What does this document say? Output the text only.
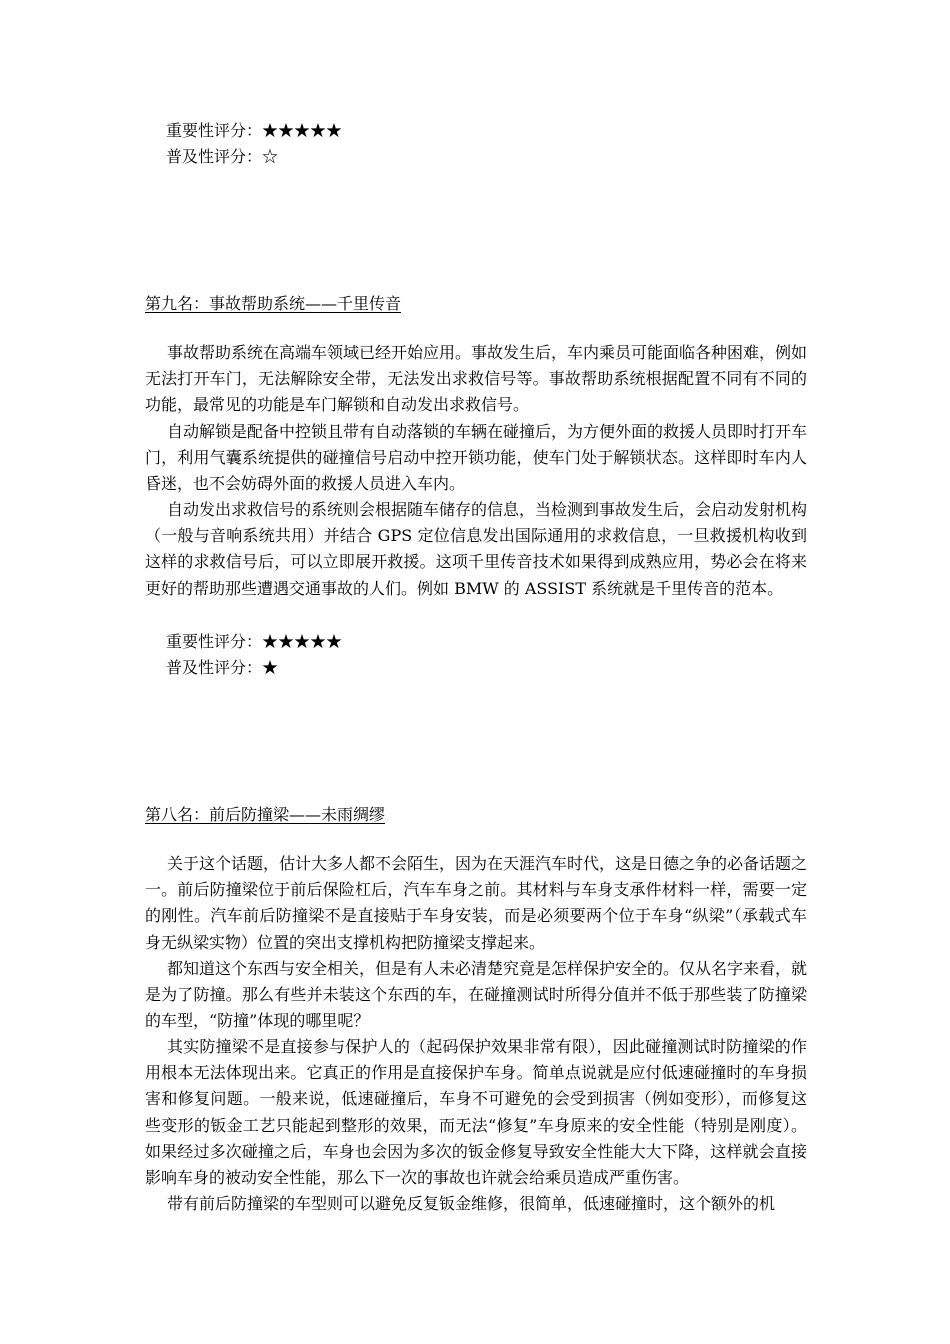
重要性评分：★★★★★
普及性评分：☆
第九名：事故帮助系统——千里传音

事故帮助系统在高端车领域已经开始应用。事故发生后，车内乘员可能面临各种困难，例如无法打开车门，无法解除安全带，无法发出求救信号等。事故帮助系统根据配置不同有不同的功能，最常见的功能是车门解锁和自动发出求救信号。

自动解锁是配备中控锁且带有自动落锁的车辆在碰撞后，为方便外面的救援人员即时打开车门，利用气囊系统提供的碰撞信号启动中控开锁功能，使车门处于解锁状态。这样即时车内人昏迷，也不会妨碍外面的救援人员进入车内。

自动发出求救信号的系统则会根据随车储存的信息，当检测到事故发生后，会启动发射机构（一般与音响系统共用）并结合 GPS 定位信息发出国际通用的求救信息，一旦救援机构收到这样的求救信号后，可以立即展开救援。这项千里传音技术如果得到成熟应用，势必会在将来更好的帮助那些遭遇交通事故的人们。例如 BMW 的 ASSIST 系统就是千里传音的范本。

重要性评分：★★★★★
普及性评分：★
第八名：前后防撞梁——未雨绸缪

关于这个话题，估计大多人都不会陌生，因为在天涯汽车时代，这是日德之争的必备话题之一。前后防撞梁位于前后保险杠后，汽车车身之前。其材料与车身支承件材料一样，需要一定的刚性。汽车前后防撞梁不是直接贴于车身安装，而是必须要两个位于车身“纵梁”（承载式车身无纵梁实物）位置的突出支撑机构把防撞梁支撑起来。

都知道这个东西与安全相关，但是有人未必清楚究竟是怎样保护安全的。仅从名字来看，就是为了防撞。那么有些并未装这个东西的车，在碰撞测试时所得分值并不低于那些装了防撞梁的车型，“防撞”体现的哪里呢？

其实防撞梁不是直接参与保护人的（起码保护效果非常有限），因此碰撞测试时防撞梁的作用根本无法体现出来。它真正的作用是直接保护车身。简单点说就是应付低速碰撞时的车身损害和修复问题。一般来说，低速碰撞后，车身不可避免的会受到损害（例如变形），而修复这些变形的钣金工艺只能起到整形的效果，而无法“修复”车身原来的安全性能（特别是刚度）。如果经过多次碰撞之后，车身也会因为多次的钣金修复导致安全性能大大下降，这样就会直接影响车身的被动安全性能，那么下一次的事故也许就会给乘员造成严重伤害。

带有前后防撞梁的车型则可以避免反复钣金维修，很简单，低速碰撞时，这个额外的机
